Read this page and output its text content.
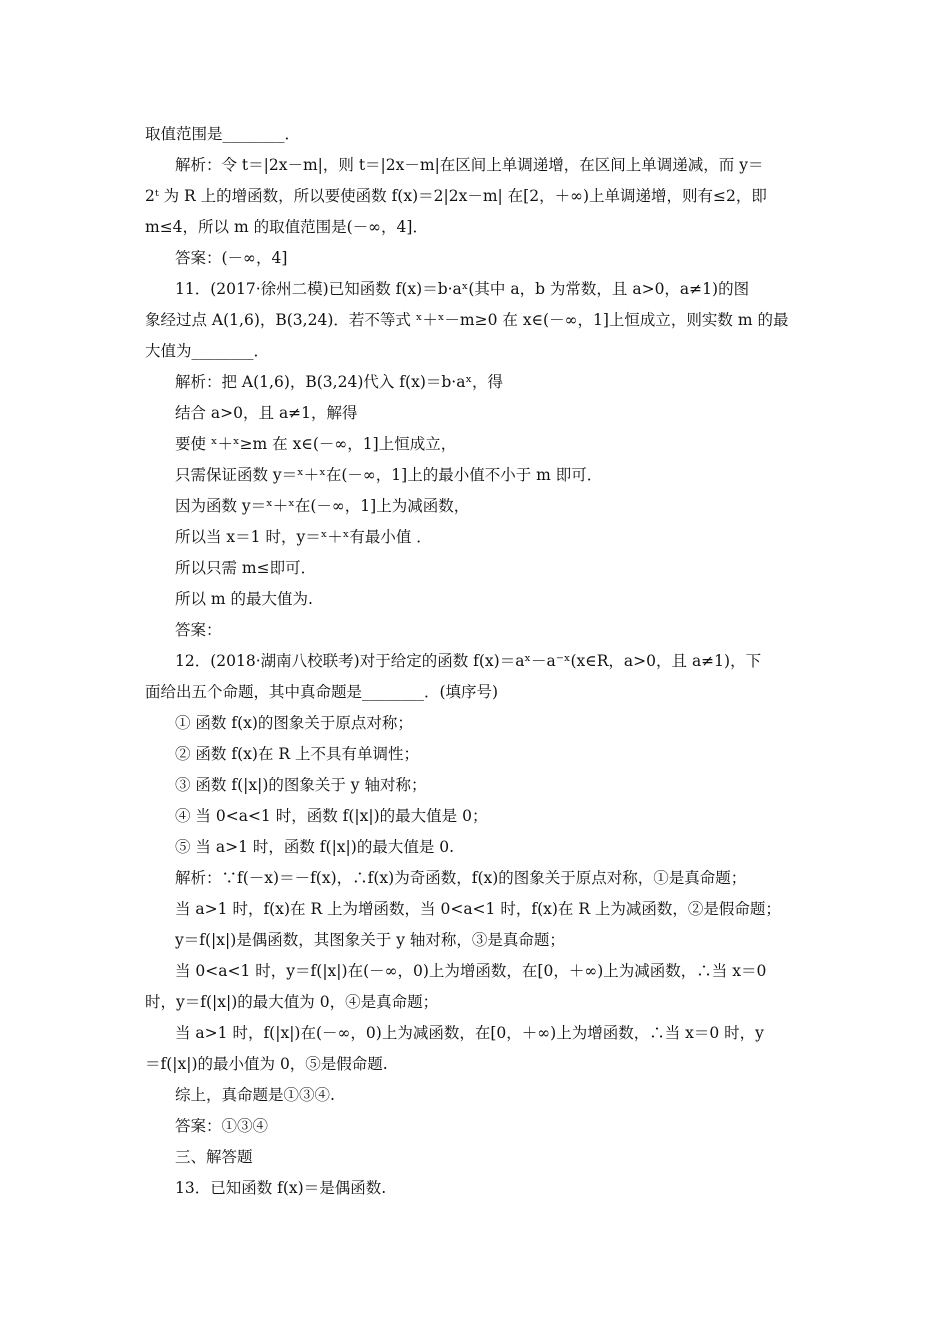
取值范围是________．
解析：令 t＝|2x－m|，则 t＝|2x－m|在区间上单调递增，在区间上单调递减，而 y＝
2ᵗ 为 R 上的增函数，所以要使函数 f(x)＝2|2x－m| 在[2，＋∞)上单调递增，则有≤2，即
m≤4，所以 m 的取值范围是(－∞，4]．
答案：(－∞，4]
11．(2017·徐州二模)已知函数 f(x)＝b·aˣ(其中 a，b 为常数，且 a>0，a≠1)的图
象经过点 A(1,6)，B(3,24)．若不等式 ˣ＋ˣ－m≥0 在 x∈(－∞，1]上恒成立，则实数 m 的最
大值为________．
解析：把 A(1,6)，B(3,24)代入 f(x)＝b·aˣ，得
结合 a>0，且 a≠1，解得
要使 ˣ＋ˣ≥m 在 x∈(－∞，1]上恒成立，
只需保证函数 y＝ˣ＋ˣ在(－∞，1]上的最小值不小于 m 即可．
因为函数 y＝ˣ＋ˣ在(－∞，1]上为减函数，
所以当 x＝1 时，y＝ˣ＋ˣ有最小值 ．
所以只需 m≤即可．
所以 m 的最大值为.
答案：
12．(2018·湖南八校联考)对于给定的函数 f(x)＝aˣ－a⁻ˣ(x∈R，a>0，且 a≠1)，下
面给出五个命题，其中真命题是________．(填序号)
① 函数 f(x)的图象关于原点对称；
② 函数 f(x)在 R 上不具有单调性；
③ 函数 f(|x|)的图象关于 y 轴对称；
④ 当 0<a<1 时，函数 f(|x|)的最大值是 0；
⑤ 当 a>1 时，函数 f(|x|)的最大值是 0.
解析：∵f(－x)＝－f(x)，∴f(x)为奇函数，f(x)的图象关于原点对称，①是真命题；
当 a>1 时，f(x)在 R 上为增函数，当 0<a<1 时，f(x)在 R 上为减函数，②是假命题；
y＝f(|x|)是偶函数，其图象关于 y 轴对称，③是真命题；
当 0<a<1 时，y＝f(|x|)在(－∞，0)上为增函数，在[0，＋∞)上为减函数，∴当 x＝0
时，y＝f(|x|)的最大值为 0，④是真命题；
当 a>1 时，f(|x|)在(－∞，0)上为减函数，在[0，＋∞)上为增函数，∴当 x＝0 时，y
＝f(|x|)的最小值为 0，⑤是假命题.
综上，真命题是①③④.
答案：①③④
三、解答题
13．已知函数 f(x)＝是偶函数.
